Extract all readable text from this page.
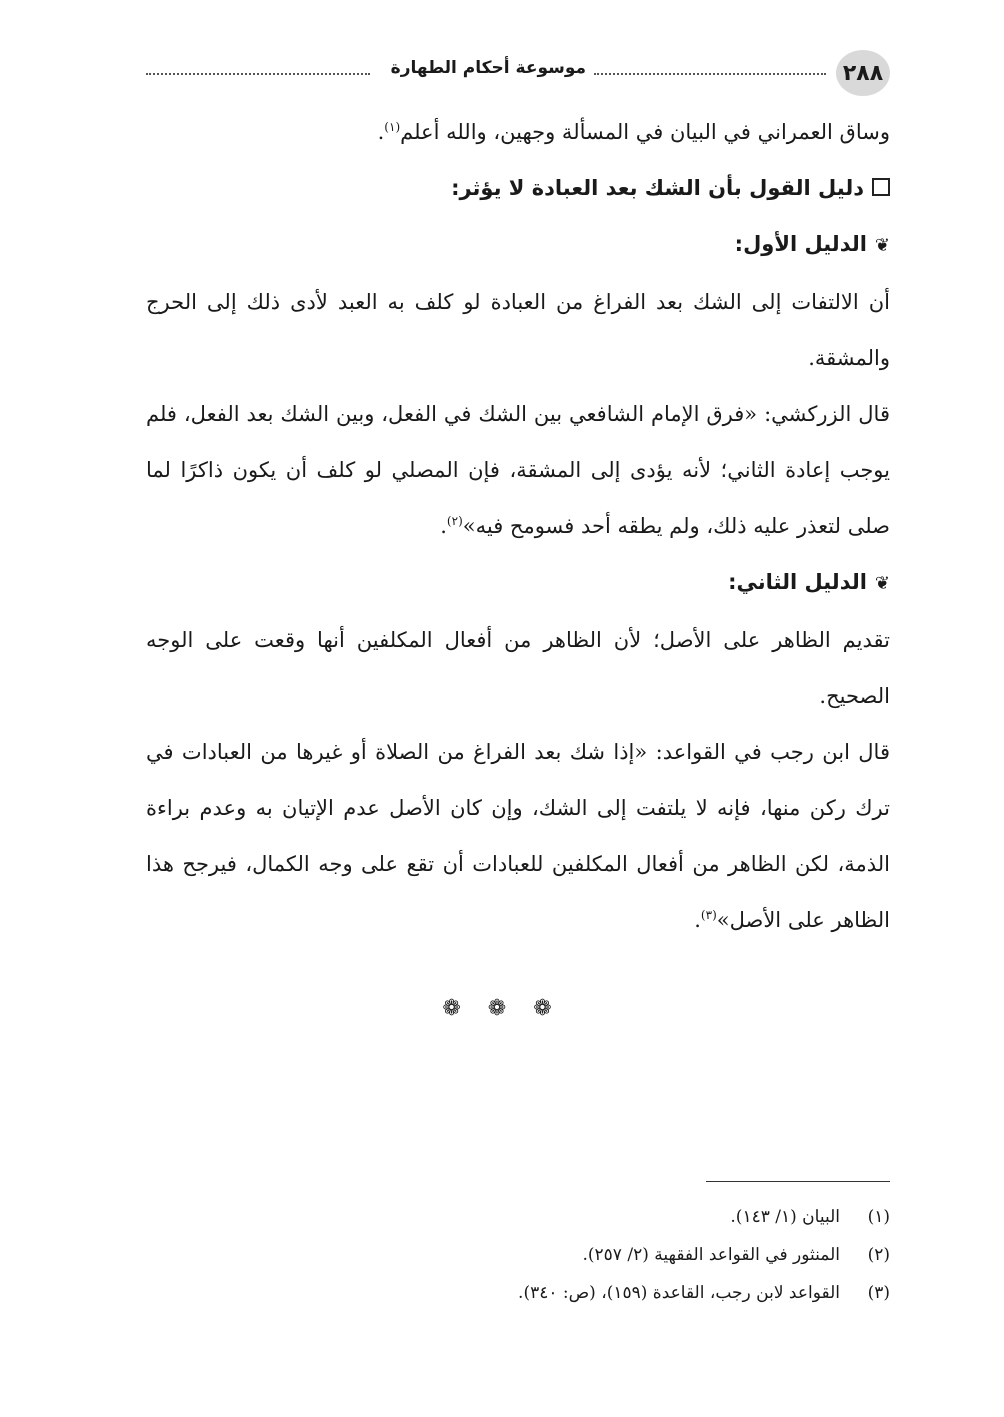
٢٨٨
موسوعة أحكام الطهارة

وساق العمراني في البيان في المسألة وجهين، والله أعلم$^{(١)}$.

دليل القول بأن الشك بعد العبادة لا يؤثر:

❦الدليل الأول:

أن الالتفات إلى الشك بعد الفراغ من العبادة لو كلف به العبد لأدى ذلك إلى الحرج والمشقة.

قال الزركشي: «فرق الإمام الشافعي بين الشك في الفعل، وبين الشك بعد الفعل، فلم يوجب إعادة الثاني؛ لأنه يؤدى إلى المشقة، فإن المصلي لو كلف أن يكون ذاكرًا لما صلى لتعذر عليه ذلك، ولم يطقه أحد فسومح فيه»$^{(٢)}$.

❦الدليل الثاني:

تقديم الظاهر على الأصل؛ لأن الظاهر من أفعال المكلفين أنها وقعت على الوجه الصحيح.

قال ابن رجب في القواعد: «إذا شك بعد الفراغ من الصلاة أو غيرها من العبادات في ترك ركن منها، فإنه لا يلتفت إلى الشك، وإن كان الأصل عدم الإتيان به وعدم براءة الذمة، لكن الظاهر من أفعال المكلفين للعبادات أن تقع على وجه الكمال، فيرجح هذا الظاهر على الأصل»$^{(٣)}$.

❁ ❁ ❁
(١)
البيان (١/ ١٤٣).
(٢)
المنثور في القواعد الفقهية (٢/ ٢٥٧).
(٣)
القواعد لابن رجب، القاعدة (١٥٩)، (ص: ٣٤٠).
